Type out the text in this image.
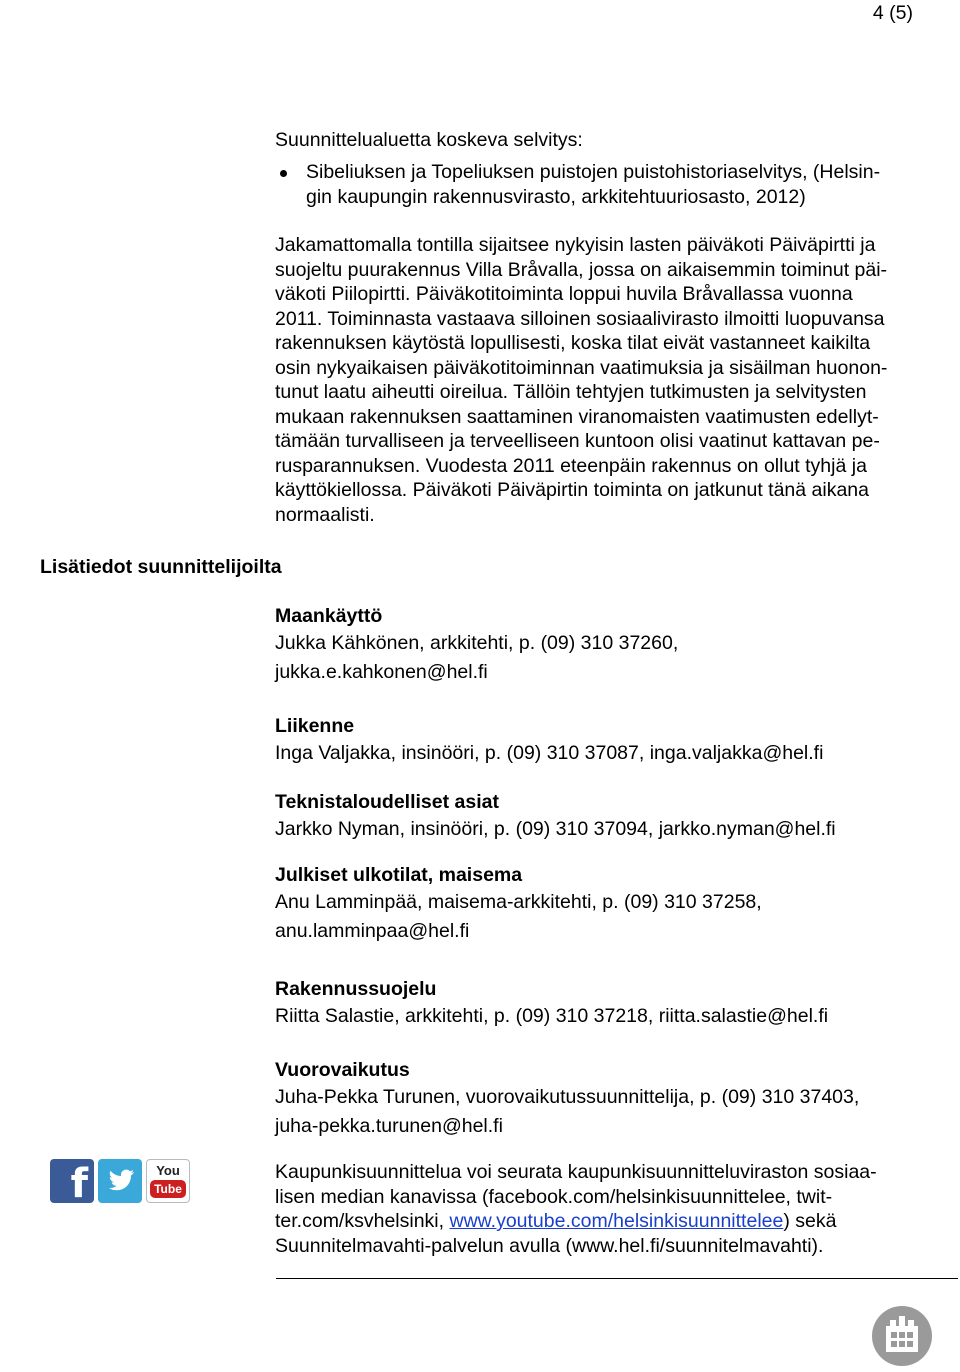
4 (5)
Suunnittelualuetta koskeva selvitys:
Sibeliuksen ja Topeliuksen puistojen puistohistoriaselvitys, (Helsin-
gin kaupungin rakennusvirasto, arkkitehtuuriosasto, 2012)
Jakamattomalla tontilla sijaitsee nykyisin lasten päiväkoti Päiväpirtti ja
suojeltu puurakennus Villa Bråvalla, jossa on aikaisemmin toiminut päi-
väkoti Piilopirtti. Päiväkotitoiminta loppui huvila Bråvallassa vuonna
2011. Toiminnasta vastaava silloinen sosiaalivirasto ilmoitti luopuvansa
rakennuksen käytöstä lopullisesti, koska tilat eivät vastanneet kaikilta
osin nykyaikaisen päiväkotitoiminnan vaatimuksia ja sisäilman huonon-
tunut laatu aiheutti oireilua. Tällöin tehtyjen tutkimusten ja selvitysten
mukaan rakennuksen saattaminen viranomaisten vaatimusten edellyt-
tämään turvalliseen ja terveelliseen kuntoon olisi vaatinut kattavan pe-
rusparannuksen. Vuodesta 2011 eteenpäin rakennus on ollut tyhjä ja
käyttökiellossa. Päiväkoti Päiväpirtin toiminta on jatkunut tänä aikana
normaalisti.
Lisätiedot suunnittelijoilta
Maankäyttö
Jukka Kähkönen, arkkitehti, p. (09) 310 37260,
jukka.e.kahkonen@hel.fi
Liikenne
Inga Valjakka, insinööri, p. (09) 310 37087, inga.valjakka@hel.fi
Teknistaloudelliset asiat
Jarkko Nyman, insinööri, p. (09) 310 37094, jarkko.nyman@hel.fi
Julkiset ulkotilat, maisema
Anu Lamminpää, maisema-arkkitehti, p. (09) 310 37258,
anu.lamminpaa@hel.fi
Rakennussuojelu
Riitta Salastie, arkkitehti, p. (09) 310 37218, riitta.salastie@hel.fi
Vuorovaikutus
Juha-Pekka Turunen, vuorovaikutussuunnittelija, p. (09) 310 37403,
juha-pekka.turunen@hel.fi
f	You
Tube
Kaupunkisuunnittelua voi seurata kaupunkisuunnitteluviraston sosiaa-
lisen median kanavissa (facebook.com/helsinkisuunnittelee, twit-
ter.com/ksvhelsinki, www.youtube.com/helsinkisuunnittelee) sekä
Suunnitelmavahti-palvelun avulla (www.hel.fi/suunnitelmavahti).
